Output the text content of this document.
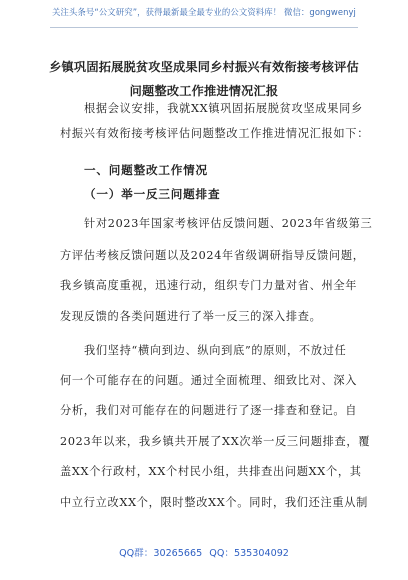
关注头条号“公文研究”，获得最新最全最专业的公文资料库！ 微信：gongwenyj
乡镇巩固拓展脱贫攻坚成果同乡村振兴有效衔接考核评估
问题整改工作推进情况汇报
根据会议安排，我就XX镇巩固拓展脱贫攻坚成果同乡
村振兴有效衔接考核评估问题整改工作推进情况汇报如下：
一、问题整改工作情况
（一）举一反三问题排查
针对2023年国家考核评估反馈问题、2023年省级第三
方评估考核反馈问题以及2024年省级调研指导反馈问题，
我乡镇高度重视，迅速行动，组织专门力量对省、州全年
发现反馈的各类问题进行了举一反三的深入排查。
我们坚持“横向到边、纵向到底”的原则，不放过任
何一个可能存在的问题。通过全面梳理、细致比对、深入
分析，我们对可能存在的问题进行了逐一排查和登记。自
2023年以来，我乡镇共开展了XX次举一反三问题排查，覆
盖XX个行政村，XX个村民小组，共排查出问题XX个，其
中立行立改XX个，限时整改XX个。同时，我们还注重从制
QQ群：30265665 QQ：535304092
